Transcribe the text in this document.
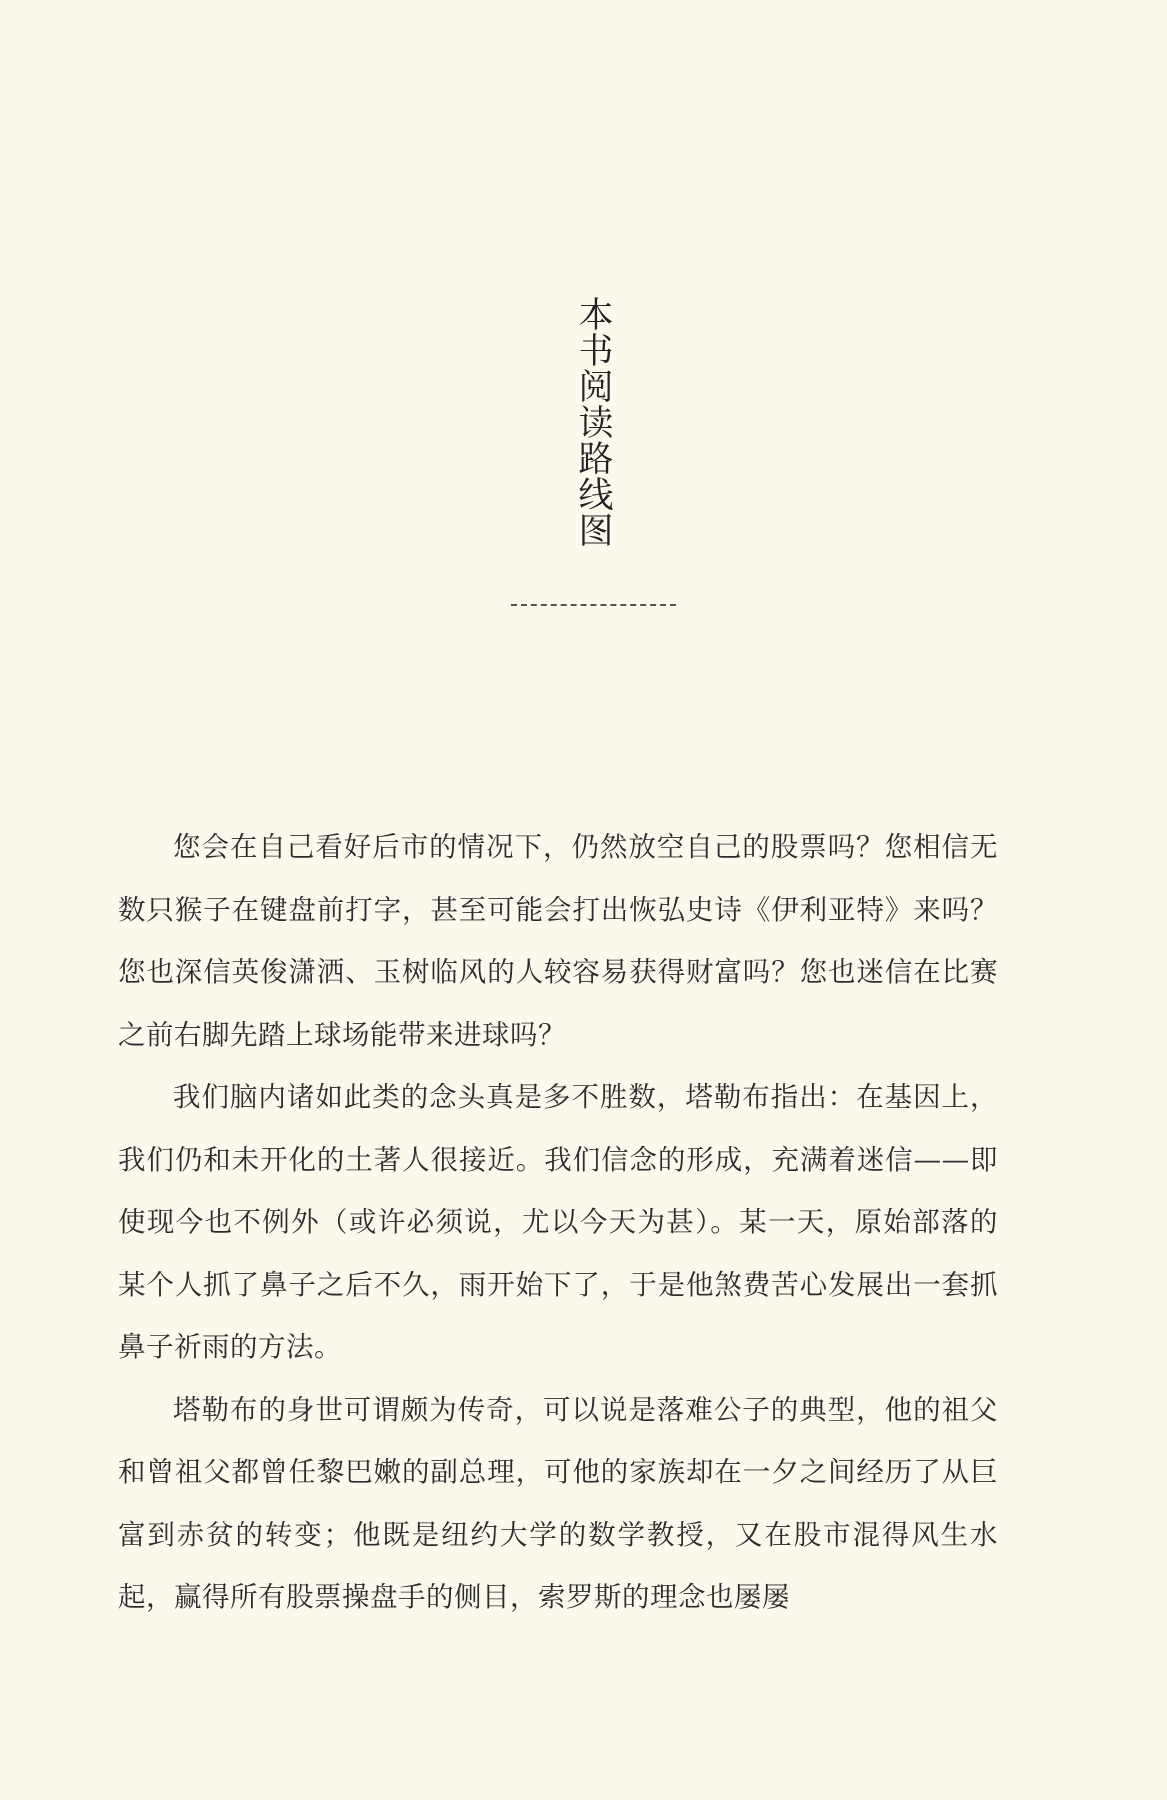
本书阅读路线图

您会在自己看好后市的情况下，仍然放空自己的股票吗？您相信无数只猴子在键盘前打字，甚至可能会打出恢弘史诗《伊利亚特》来吗？您也深信英俊潇洒、玉树临风的人较容易获得财富吗？您也迷信在比赛之前右脚先踏上球场能带来进球吗？

我们脑内诸如此类的念头真是多不胜数，塔勒布指出：在基因上，我们仍和未开化的土著人很接近。我们信念的形成，充满着迷信——即使现今也不例外（或许必须说，尤以今天为甚）。某一天，原始部落的某个人抓了鼻子之后不久，雨开始下了，于是他煞费苦心发展出一套抓鼻子祈雨的方法。

塔勒布的身世可谓颇为传奇，可以说是落难公子的典型，他的祖父和曾祖父都曾任黎巴嫩的副总理，可他的家族却在一夕之间经历了从巨富到赤贫的转变；他既是纽约大学的数学教授，又在股市混得风生水起，赢得所有股票操盘手的侧目，索罗斯的理念也屡屡
